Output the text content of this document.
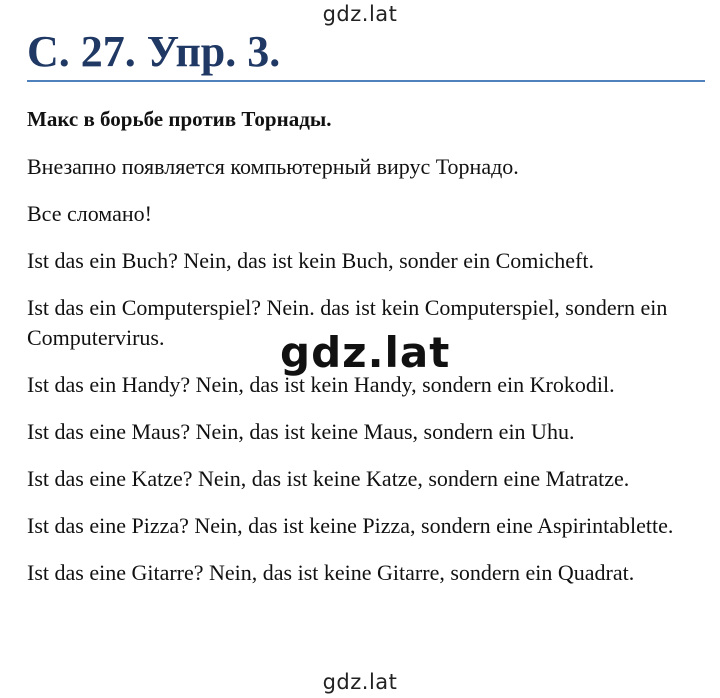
gdz.lat
С. 27. Упр. 3.

Макс в борьбе против Торнады.

Внезапно появляется компьютерный вирус Торнадо.

Все сломано!

Ist das ein Buch? Nein, das ist kein Buch, sonder ein Comicheft.

Ist das ein Computerspiel? Nein. das ist kein Computerspiel, sondern ein Computervirus.

Ist das ein Handy? Nein, das ist kein Handy, sondern ein Krokodil.

Ist das eine Maus? Nein, das ist keine Maus, sondern ein Uhu.

Ist das eine Katze? Nein, das ist keine Katze, sondern eine Matratze.

Ist das eine Pizza? Nein, das ist keine Pizza, sondern eine Aspirintablette.

Ist das eine Gitarre? Nein, das ist keine Gitarre, sondern ein Quadrat.

gdz.lat
gdz.lat
